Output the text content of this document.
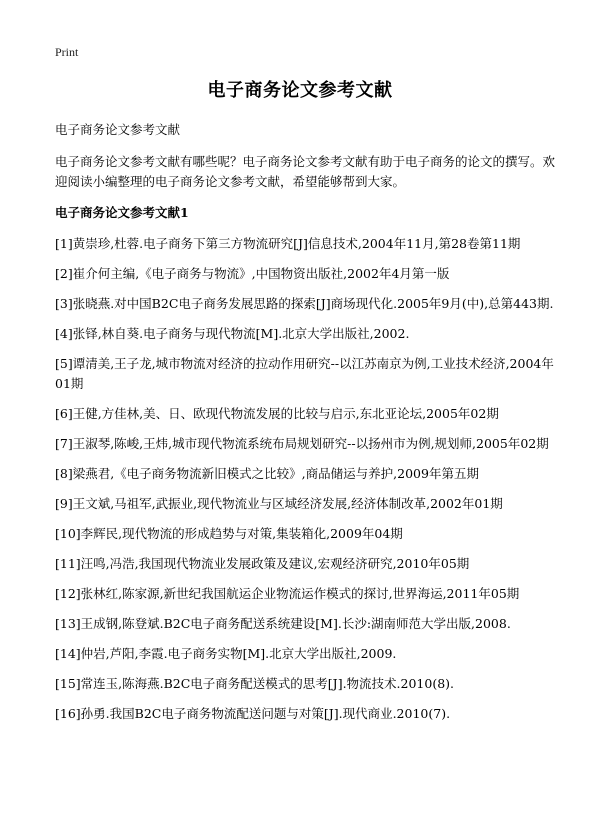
Print
电子商务论文参考文献

电子商务论文参考文献

电子商务论文参考文献有哪些呢？电子商务论文参考文献有助于电子商务的论文的撰写。欢迎阅读小编整理的电子商务论文参考文献，希望能够帮到大家。

电子商务论文参考文献1

[1]黄崇珍,杜蓉.电子商务下第三方物流研究[J]信息技术,2004年11月,第28卷第11期
[2]崔介何主编,《电子商务与物流》,中国物资出版社,2002年4月第一版
[3]张晓燕.对中国B2C电子商务发展思路的探索[J]商场现代化.2005年9月(中),总第443期.
[4]张铎,林自葵.电子商务与现代物流[M].北京大学出版社,2002.
[5]谭清美,王子龙,城市物流对经济的拉动作用研究--以江苏南京为例,工业技术经济,2004年01期
[6]王健,方佳林,美、日、欧现代物流发展的比较与启示,东北亚论坛,2005年02期
[7]王淑琴,陈峻,王炜,城市现代物流系统布局规划研究--以扬州市为例,规划师,2005年02期
[8]梁燕君,《电子商务物流新旧模式之比较》,商品储运与养护,2009年第五期
[9]王文斌,马祖军,武振业,现代物流业与区域经济发展,经济体制改革,2002年01期
[10]李辉民,现代物流的形成趋势与对策,集装箱化,2009年04期
[11]汪鸣,冯浩,我国现代物流业发展政策及建议,宏观经济研究,2010年05期
[12]张林红,陈家源,新世纪我国航运企业物流运作模式的探讨,世界海运,2011年05期
[13]王成钢,陈登斌.B2C电子商务配送系统建设[M].长沙:湖南师范大学出版,2008.
[14]仲岩,芦阳,李霞.电子商务实物[M].北京大学出版社,2009.
[15]常连玉,陈海燕.B2C电子商务配送模式的思考[J].物流技术.2010(8).
[16]孙勇.我国B2C电子商务物流配送问题与对策[J].现代商业.2010(7).
